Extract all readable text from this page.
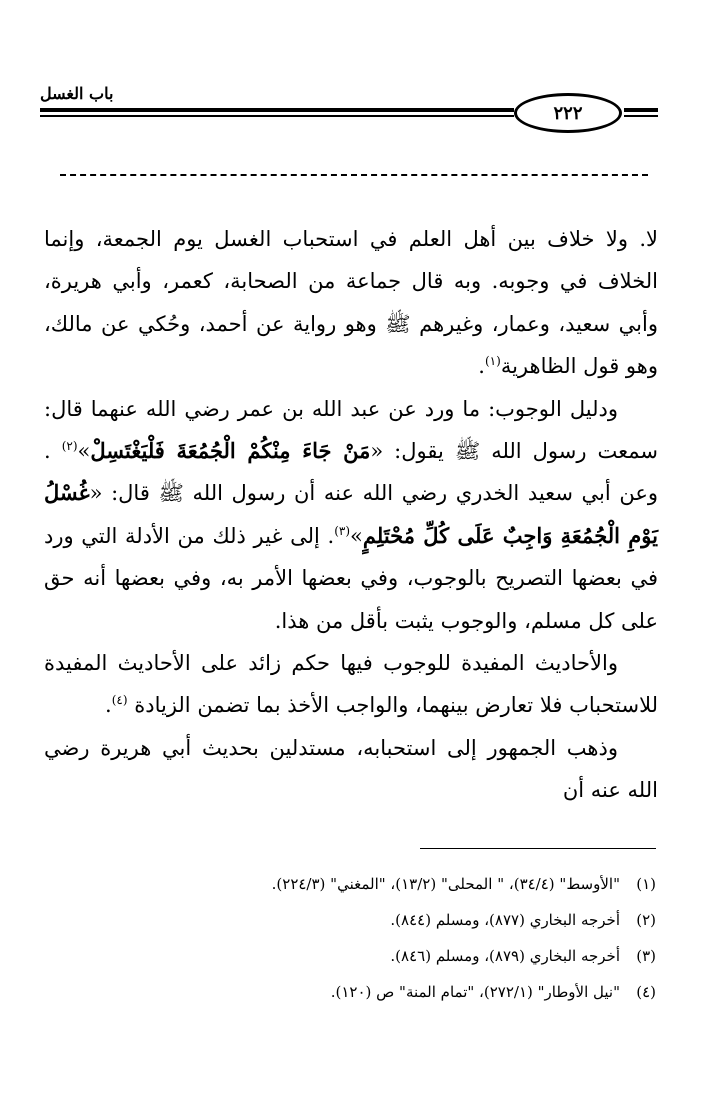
باب الغسل
٢٢٢

لا. ولا خلاف بين أهل العلم في استحباب الغسل يوم الجمعة، وإنما الخلاف في وجوبه. وبه قال جماعة من الصحابة، كعمر، وأبي هريرة، وأبي سعيد، وعمار، وغيرهم ﷺ وهو رواية عن أحمد، وحُكي عن مالك، وهو قول الظاهرية$^{(١)}$.

ودليل الوجوب: ما ورد عن عبد الله بن عمر رضي الله عنهما قال: سمعت رسول الله ﷺ يقول: «مَنْ جَاءَ مِنْكُمْ الْجُمُعَةَ فَلْيَغْتَسِلْ»$^{(٢)}$ . وعن أبي سعيد الخدري رضي الله عنه أن رسول الله ﷺ قال: «غُسْلُ يَوْمِ الْجُمُعَةِ وَاجِبٌ عَلَى كُلِّ مُحْتَلِمٍ»$^{(٣)}$. إلى غير ذلك من الأدلة التي ورد في بعضها التصريح بالوجوب، وفي بعضها الأمر به، وفي بعضها أنه حق على كل مسلم، والوجوب يثبت بأقل من هذا.

والأحاديث المفيدة للوجوب فيها حكم زائد على الأحاديث المفيدة للاستحباب فلا تعارض بينهما، والواجب الأخذ بما تضمن الزيادة $^{(٤)}$.

وذهب الجمهور إلى استحبابه، مستدلين بحديث أبي هريرة رضي الله عنه أن

(١)"الأوسط" (٣٤/٤)، " المحلى" (١٣/٢)، "المغني" (٢٢٤/٣).
(٢)أخرجه البخاري (٨٧٧)، ومسلم (٨٤٤).
(٣)أخرجه البخاري (٨٧٩)، ومسلم (٨٤٦).
(٤)"نيل الأوطار" (٢٧٢/١)، "تمام المنة" ص (١٢٠).
